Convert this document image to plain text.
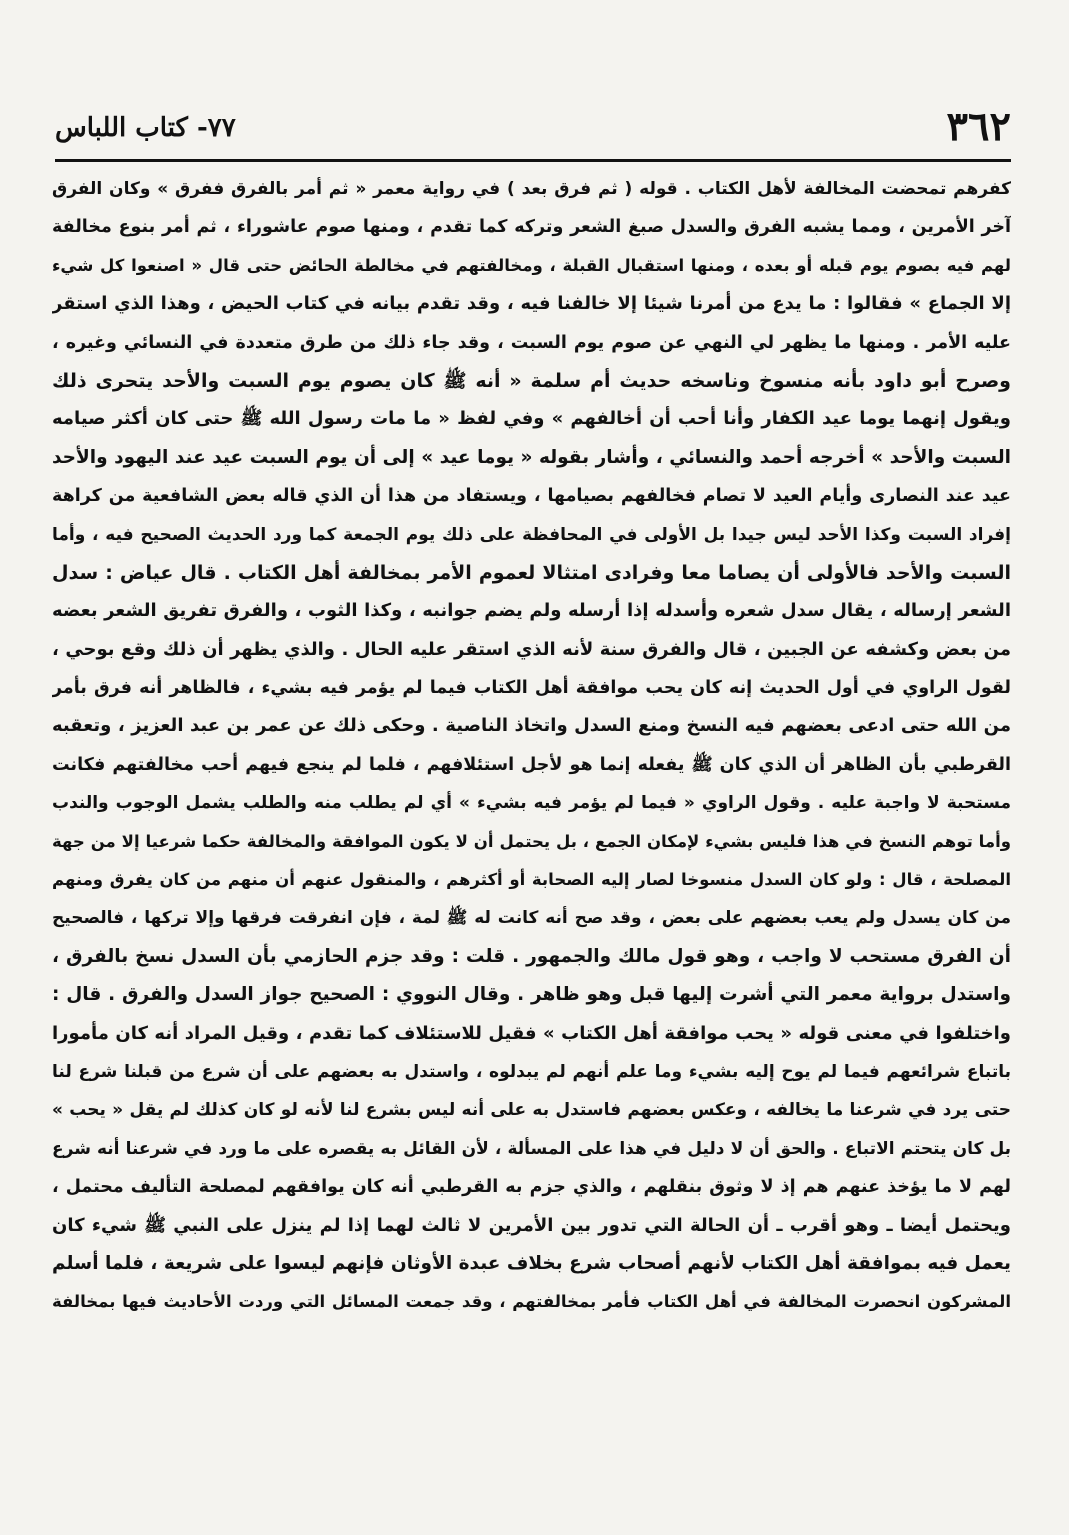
٣٦٢
٧٧- كتاب اللباس
كفرهم تمحضت المخالفة لأهل الكتاب . قوله ( ثم فرق بعد ) في رواية معمر « ثم أمر بالفرق ففرق » وكان الفرق
آخر الأمرين ، ومما يشبه الفرق والسدل صبغ الشعر وتركه كما تقدم ، ومنها صوم عاشوراء ، ثم أمر بنوع مخالفة
لهم فيه بصوم يوم قبله أو بعده ، ومنها استقبال القبلة ، ومخالفتهم في مخالطة الحائض حتى قال « اصنعوا كل شيء
إلا الجماع » فقالوا : ما يدع من أمرنا شيئا إلا خالفنا فيه ، وقد تقدم بيانه في كتاب الحيض ، وهذا الذي استقر
عليه الأمر . ومنها ما يظهر لي النهي عن صوم يوم السبت ، وقد جاء ذلك من طرق متعددة في النسائي وغيره ،
وصرح أبو داود بأنه منسوخ وناسخه حديث أم سلمة « أنه ﷺ كان يصوم يوم السبت والأحد يتحرى ذلك
ويقول إنهما يوما عيد الكفار وأنا أحب أن أخالفهم » وفي لفظ « ما مات رسول الله ﷺ حتى كان أكثر صيامه
السبت والأحد » أخرجه أحمد والنسائي ، وأشار بقوله « يوما عيد » إلى أن يوم السبت عيد عند اليهود والأحد
عيد عند النصارى وأيام العيد لا تصام فخالفهم بصيامها ، ويستفاد من هذا أن الذي قاله بعض الشافعية من كراهة
إفراد السبت وكذا الأحد ليس جيدا بل الأولى في المحافظة على ذلك يوم الجمعة كما ورد الحديث الصحيح فيه ، وأما
السبت والأحد فالأولى أن يصاما معا وفرادى امتثالا لعموم الأمر بمخالفة أهل الكتاب . قال عياض : سدل
الشعر إرساله ، يقال سدل شعره وأسدله إذا أرسله ولم يضم جوانبه ، وكذا الثوب ، والفرق تفريق الشعر بعضه
من بعض وكشفه عن الجبين ، قال والفرق سنة لأنه الذي استقر عليه الحال . والذي يظهر أن ذلك وقع بوحي ،
لقول الراوي في أول الحديث إنه كان يحب موافقة أهل الكتاب فيما لم يؤمر فيه بشيء ، فالظاهر أنه فرق بأمر
من الله حتى ادعى بعضهم فيه النسخ ومنع السدل واتخاذ الناصية . وحكى ذلك عن عمر بن عبد العزيز ، وتعقبه
القرطبي بأن الظاهر أن الذي كان ﷺ يفعله إنما هو لأجل استئلافهم ، فلما لم ينجع فيهم أحب مخالفتهم فكانت
مستحبة لا واجبة عليه . وقول الراوي « فيما لم يؤمر فيه بشيء » أي لم يطلب منه والطلب يشمل الوجوب والندب
وأما توهم النسخ في هذا فليس بشيء لإمكان الجمع ، بل يحتمل أن لا يكون الموافقة والمخالفة حكما شرعيا إلا من جهة
المصلحة ، قال : ولو كان السدل منسوخا لصار إليه الصحابة أو أكثرهم ، والمنقول عنهم أن منهم من كان يفرق ومنهم
من كان يسدل ولم يعب بعضهم على بعض ، وقد صح أنه كانت له ﷺ لمة ، فإن انفرقت فرقها وإلا تركها ، فالصحيح
أن الفرق مستحب لا واجب ، وهو قول مالك والجمهور . قلت : وقد جزم الحازمي بأن السدل نسخ بالفرق ،
واستدل برواية معمر التي أشرت إليها قبل وهو ظاهر . وقال النووي : الصحيح جواز السدل والفرق . قال :
واختلفوا في معنى قوله « يحب موافقة أهل الكتاب » فقيل للاستئلاف كما تقدم ، وقيل المراد أنه كان مأمورا
باتباع شرائعهم فيما لم يوح إليه بشيء وما علم أنهم لم يبدلوه ، واستدل به بعضهم على أن شرع من قبلنا شرع لنا
حتى يرد في شرعنا ما يخالفه ، وعكس بعضهم فاستدل به على أنه ليس بشرع لنا لأنه لو كان كذلك لم يقل « يحب »
بل كان يتحتم الاتباع . والحق أن لا دليل في هذا على المسألة ، لأن القائل به يقصره على ما ورد في شرعنا أنه شرع
لهم لا ما يؤخذ عنهم هم إذ لا وثوق بنقلهم ، والذي جزم به القرطبي أنه كان يوافقهم لمصلحة التأليف محتمل ،
ويحتمل أيضا ـ وهو أقرب ـ أن الحالة التي تدور بين الأمرين لا ثالث لهما إذا لم ينزل على النبي ﷺ شيء كان
يعمل فيه بموافقة أهل الكتاب لأنهم أصحاب شرع بخلاف عبدة الأوثان فإنهم ليسوا على شريعة ، فلما أسلم
المشركون انحصرت المخالفة في أهل الكتاب فأمر بمخالفتهم ، وقد جمعت المسائل التي وردت الأحاديث فيها بمخالفة
